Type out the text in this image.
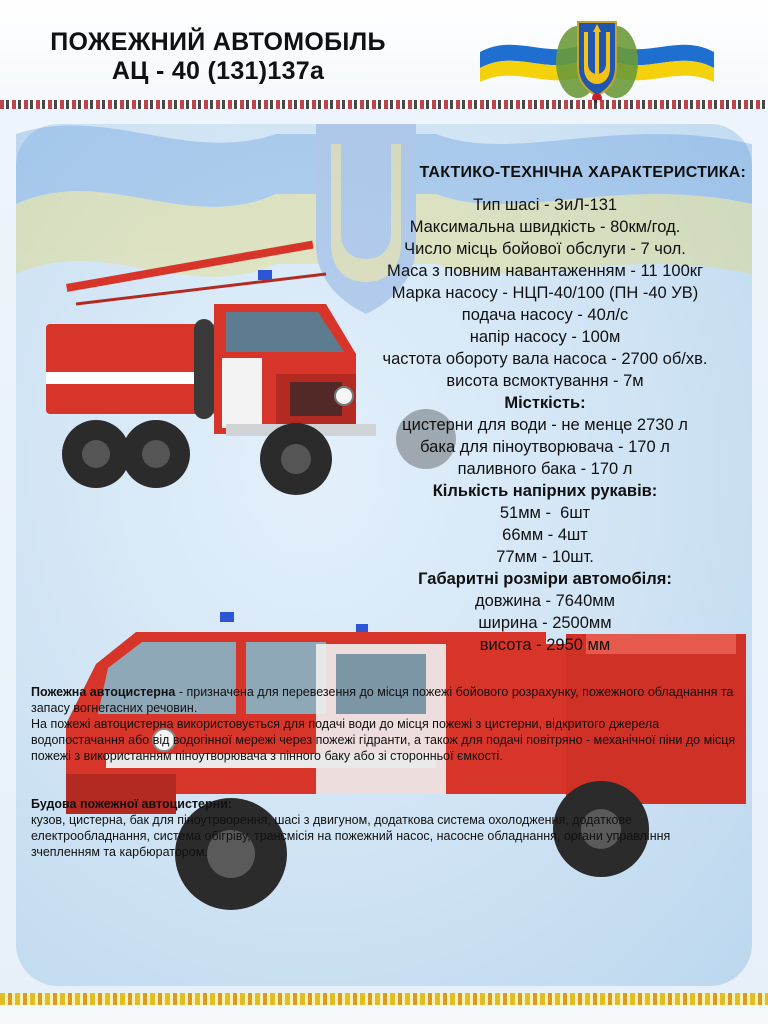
ПОЖЕЖНИЙ АВТОМОБІЛЬ
АЦ - 40 (131)137а
ТАКТИКО-ТЕХНІЧНА ХАРАКТЕРИСТИКА:
Тип шасі - ЗиЛ-131
Максимальна швидкість - 80км/год.
Число місць бойової обслуги - 7 чол.
Маса з повним навантаженням - 11 100кг
Марка насосу - НЦП-40/100 (ПН -40 УВ)
подача насосу - 40л/с
напір насосу - 100м
частота обороту вала насоса - 2700 об/хв.
висота всмоктування - 7м
Місткість:
цистерни для води - не менце 2730 л
бака для піноутворювача - 170 л
паливного бака - 170 л
Кількість напірних рукавів:
51мм -  6шт
66мм - 4шт
77мм - 10шт.
Габаритні розміри автомобіля:
довжина - 7640мм
ширина - 2500мм
висота - 2950 мм

Пожежна автоцистерна - призначена для перевезення до місця пожежі бойового розрахунку, пожежного обладнання та запасу вогнегасних речовин.

На пожежі автоцистерна використовується для подачі води до місця пожежі з цистерни, відкритого джерела водопостачання або від водогінної мережі через пожежі гідранти, а також для подачі повітряно - механічної піни до місця пожежі з використанням піноутворювача з пінного баку або зі сторонньої ємкості.

Будова пожежної автоцистерни:

кузов, цистерна, бак для піноутрворення, шасі з двигуном, додаткова система охолодження, додаткове електрообладнання, система обігріву, трансмісія на пожежний насос, насосне обладнання, органи управління зчепленням та карбюратором.
